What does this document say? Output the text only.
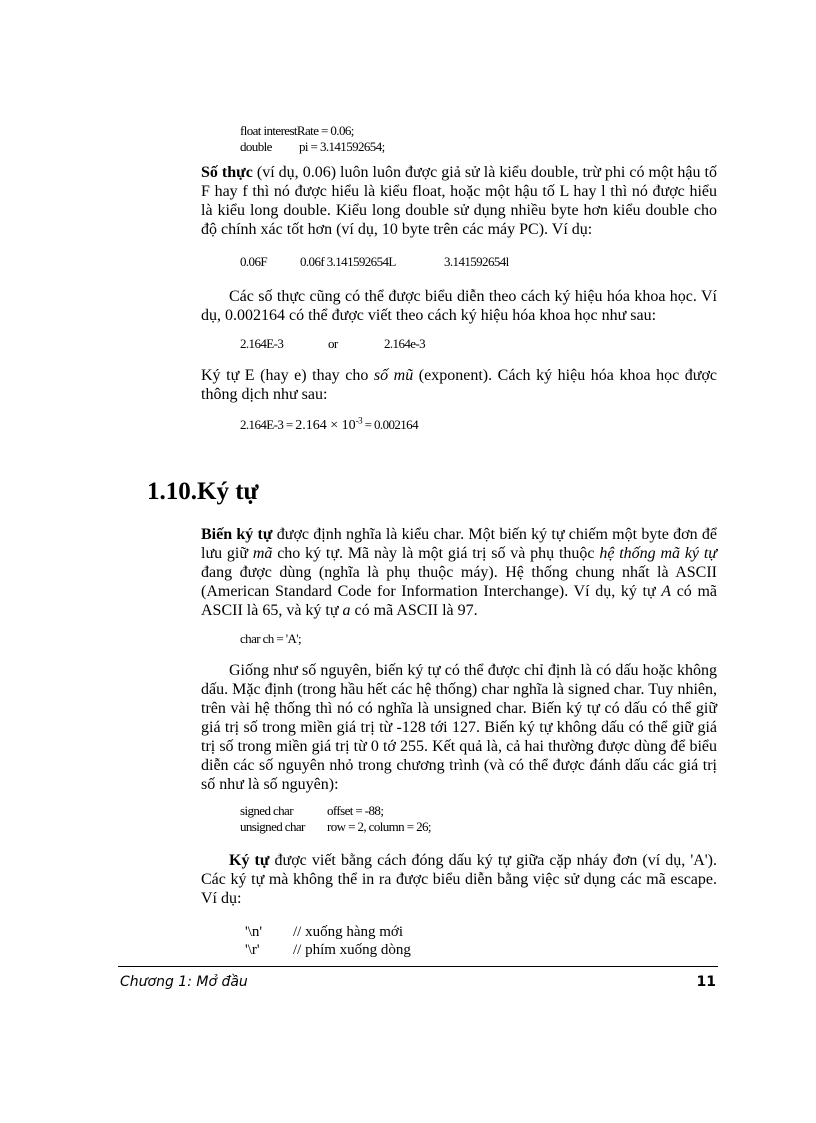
float interestRate = 0.06;
double	pi = 3.141592654;

Số thực (ví dụ, 0.06) luôn luôn được giả sử là kiểu double, trừ phi có một hậu tố F hay f thì nó được hiểu là kiểu float, hoặc một hậu tố L hay l thì nó được hiểu là kiểu long double. Kiểu long double sử dụng nhiều byte hơn kiểu double cho độ chính xác tốt hơn (ví dụ, 10 byte trên các máy PC). Ví dụ:

0.06F	0.06f 3.141592654L	3.141592654l

Các số thực cũng có thể được biểu diễn theo cách ký hiệu hóa khoa học. Ví dụ, 0.002164 có thể được viết theo cách ký hiệu hóa khoa học như sau:

2.164E-3	or	2.164e-3

Ký tự E (hay e) thay cho số mũ (exponent). Cách ký hiệu hóa khoa học được thông dịch như sau:

$2.164E-3 = 2.164 \times 10^{-3} = 0.002164$
1.10.Ký tự

Biến ký tự được định nghĩa là kiểu char. Một biến ký tự chiếm một byte đơn để lưu giữ mã cho ký tự. Mã này là một giá trị số và phụ thuộc hệ thống mã ký tự đang được dùng (nghĩa là phụ thuộc máy). Hệ thống chung nhất là ASCII (American Standard Code for Information Interchange). Ví dụ, ký tự A có mã ASCII là 65, và ký tự a có mã ASCII là 97.

char ch = 'A';

Giống như số nguyên, biến ký tự có thể được chỉ định là có dấu hoặc không dấu. Mặc định (trong hầu hết các hệ thống) char nghĩa là signed char. Tuy nhiên, trên vài hệ thống thì nó có nghĩa là unsigned char. Biến ký tự có dấu có thể giữ giá trị số trong miền giá trị từ -128 tới 127. Biến ký tự không dấu có thể giữ giá trị số trong miền giá trị từ 0 tớ 255. Kết quả là, cả hai thường được dùng để biểu diễn các số nguyên nhỏ trong chương trình (và có thể được đánh dấu các giá trị số như là số nguyên):

signed char	offset = -88;
unsigned char	row = 2, column = 26;

Ký tự được viết bằng cách đóng dấu ký tự giữa cặp nháy đơn (ví dụ, 'A'). Các ký tự mà không thể in ra được biểu diễn bằng việc sử dụng các mã escape. Ví dụ:

'\n'	// xuống hàng mới
'\r'	// phím xuống dòng
Chương 1: Mở đầu	11
